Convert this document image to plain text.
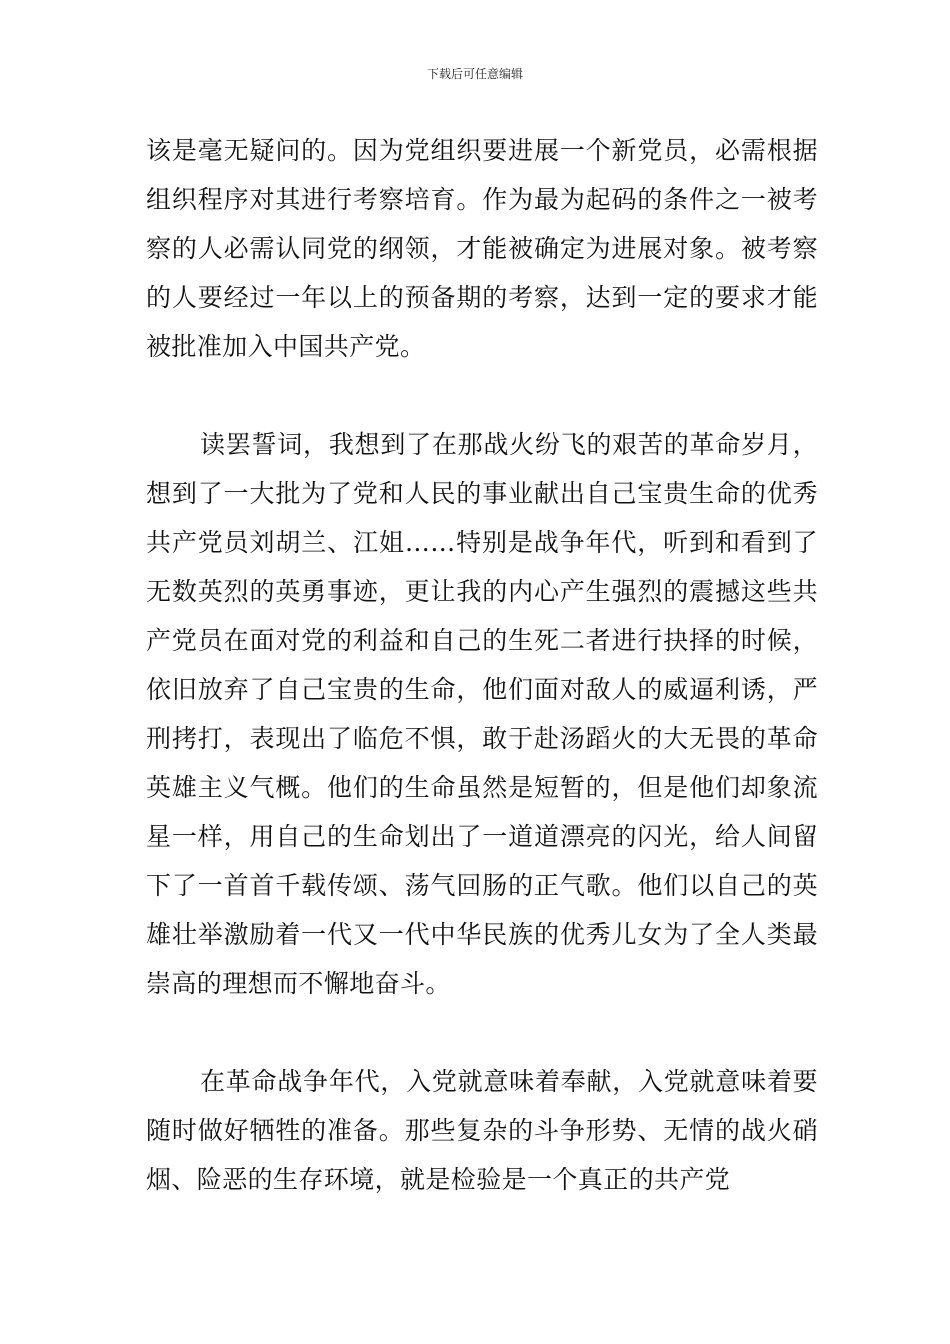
下载后可任意编辑

该是毫无疑问的。因为党组织要进展一个新党员，必需根据组织程序对其进行考察培育。作为最为起码的条件之一被考察的人必需认同党的纲领，才能被确定为进展对象。被考察的人要经过一年以上的预备期的考察，达到一定的要求才能被批准加入中国共产党。

读罢誓词，我想到了在那战火纷飞的艰苦的革命岁月，想到了一大批为了党和人民的事业献出自己宝贵生命的优秀共产党员刘胡兰、江姐……特别是战争年代，听到和看到了无数英烈的英勇事迹，更让我的内心产生强烈的震撼这些共产党员在面对党的利益和自己的生死二者进行抉择的时候，依旧放弃了自己宝贵的生命，他们面对敌人的威逼利诱，严刑拷打，表现出了临危不惧，敢于赴汤蹈火的大无畏的革命英雄主义气概。他们的生命虽然是短暂的，但是他们却象流星一样，用自己的生命划出了一道道漂亮的闪光，给人间留下了一首首千载传颂、荡气回肠的正气歌。他们以自己的英雄壮举激励着一代又一代中华民族的优秀儿女为了全人类最崇高的理想而不懈地奋斗。

在革命战争年代，入党就意味着奉献，入党就意味着要随时做好牺牲的准备。那些复杂的斗争形势、无情的战火硝烟、险恶的生存环境，就是检验是一个真正的共产党
